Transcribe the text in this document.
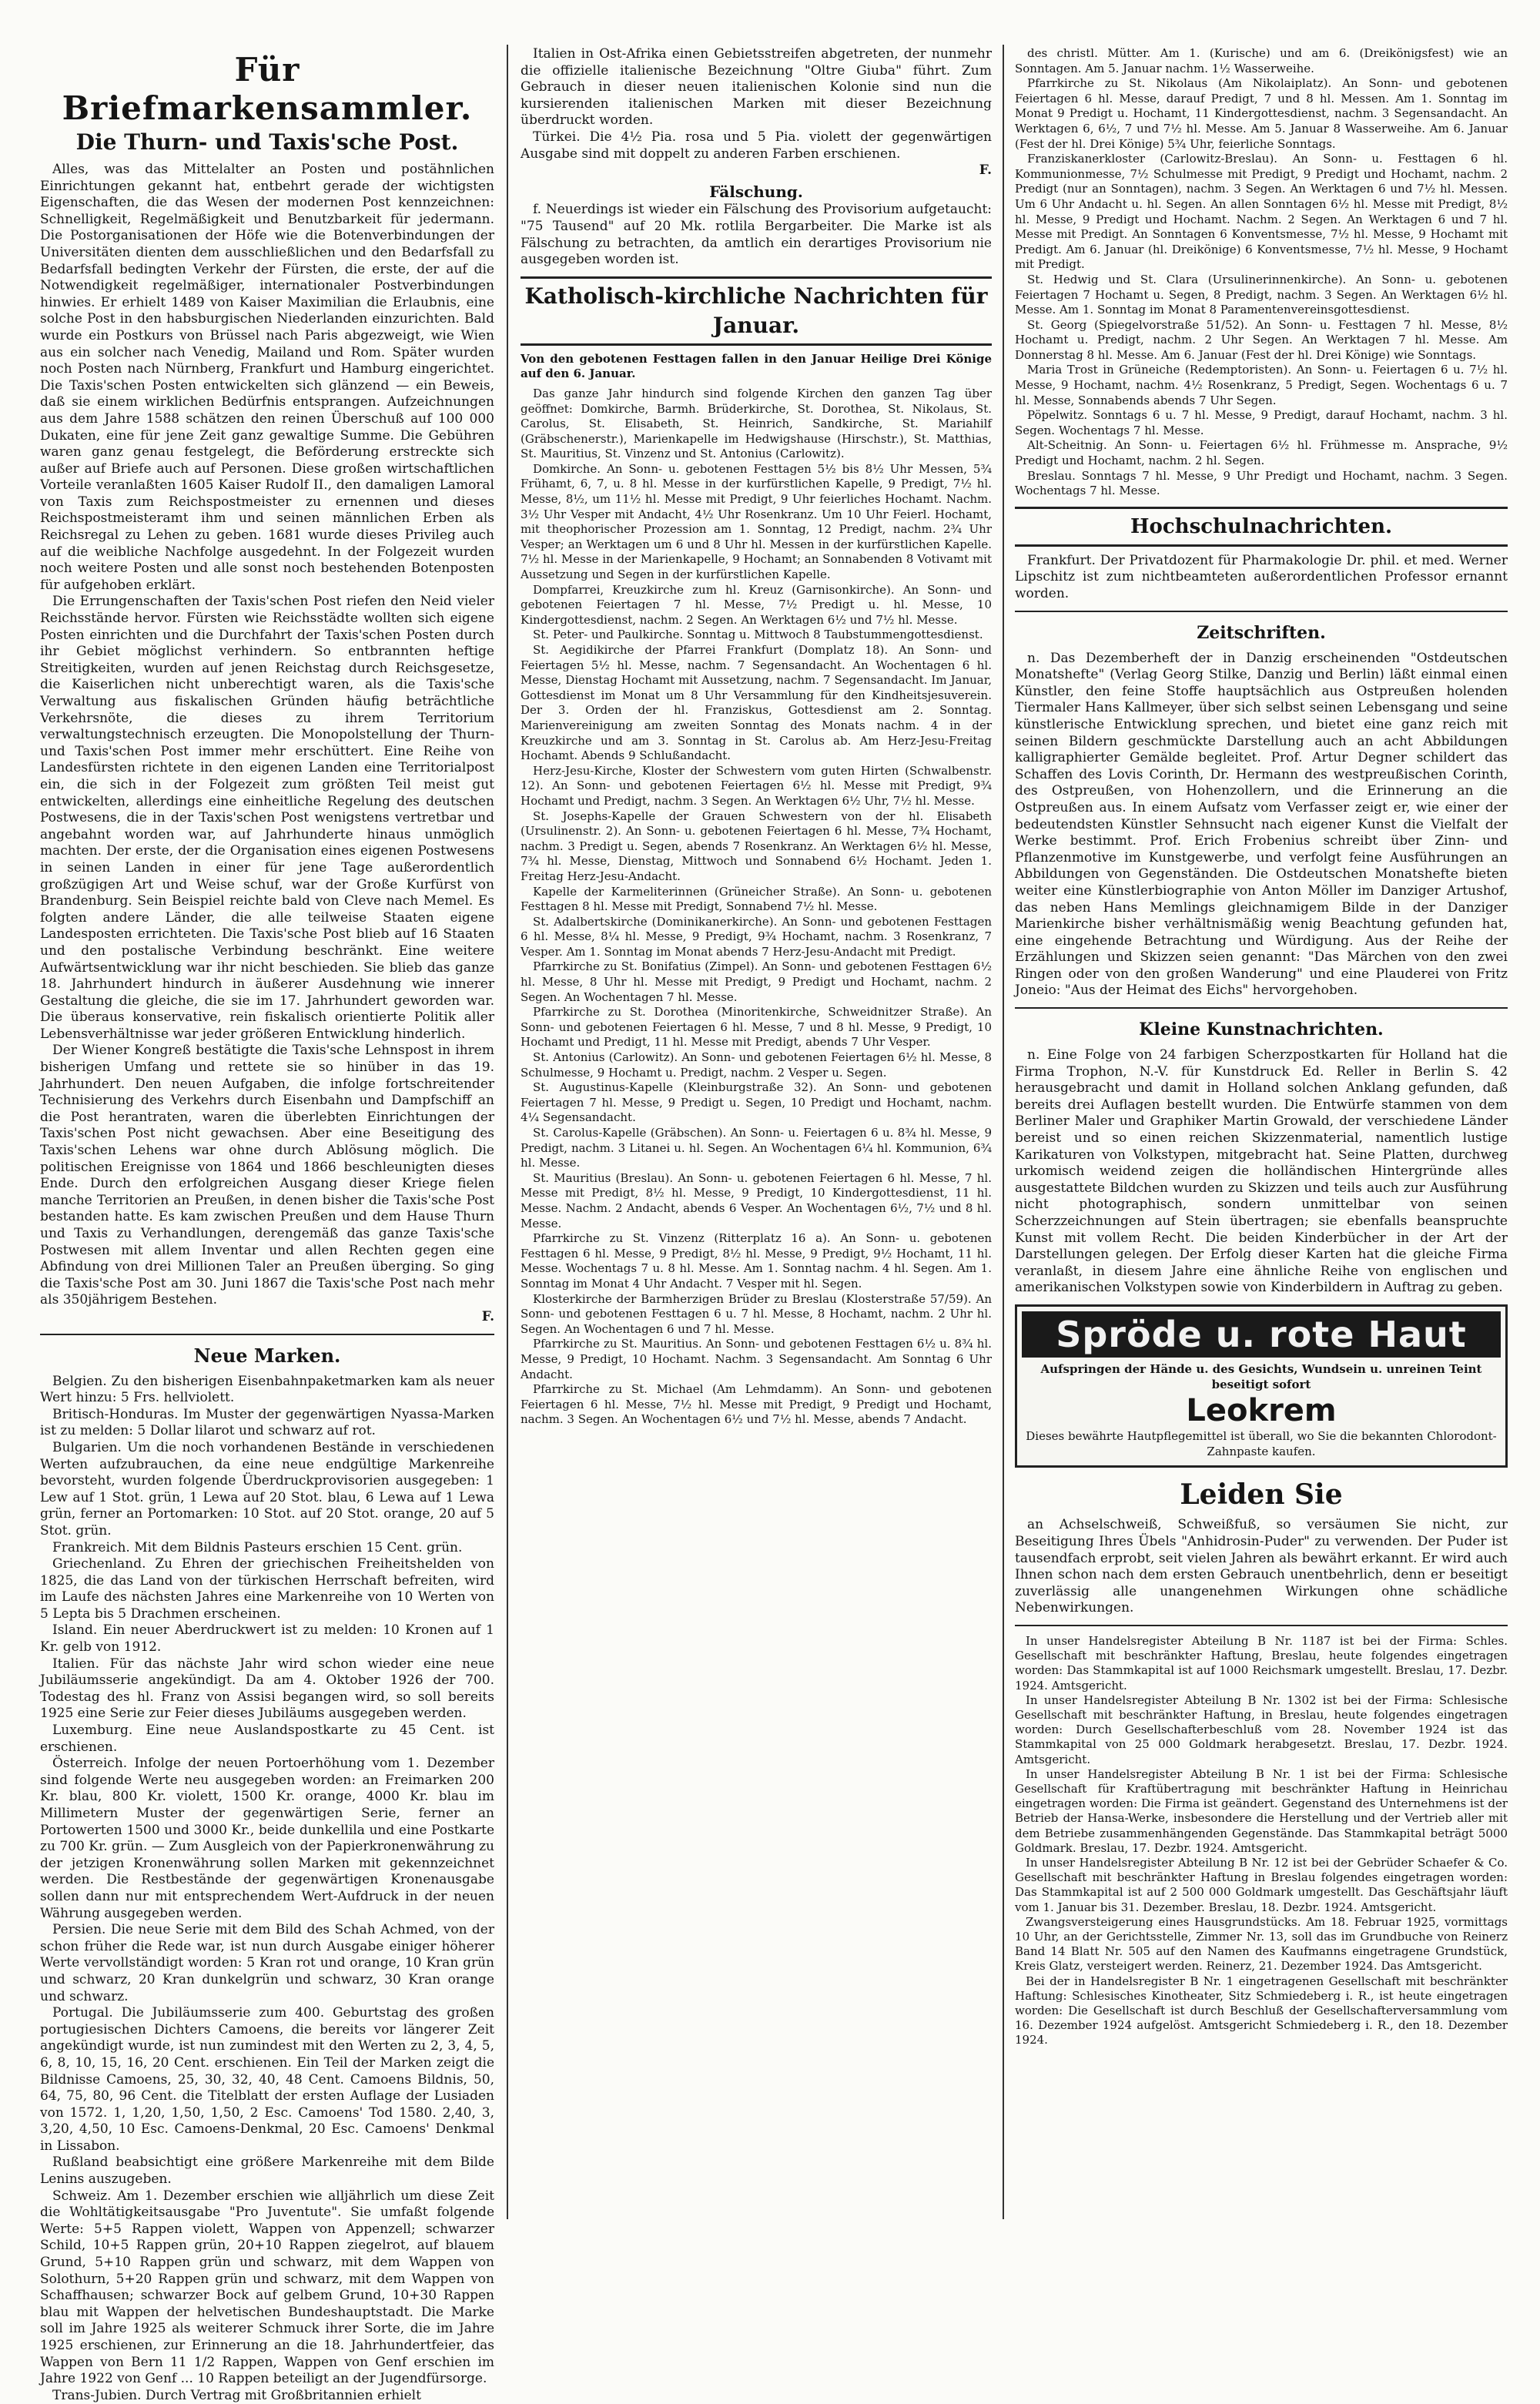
Für Briefmarkensammler.
Die Thurn- und Taxis'sche Post.

Alles, was das Mittelalter an Posten und postähnlichen Einrichtungen gekannt hat, entbehrt gerade der wichtigsten Eigenschaften, die das Wesen der modernen Post kennzeichnen: Schnelligkeit, Regelmäßigkeit und Benutzbarkeit für jedermann. Die Postorganisationen der Höfe wie die Botenverbindungen der Universitäten dienten dem ausschließlichen und den Bedarfsfall zu Bedarfsfall bedingten Verkehr der Fürsten, die erste, der auf die Notwendigkeit regelmäßiger, internationaler Postverbindungen hinwies. Er erhielt 1489 von Kaiser Maximilian die Erlaubnis, eine solche Post in den habsburgischen Niederlanden einzurichten. Bald wurde ein Postkurs von Brüssel nach Paris abgezweigt, wie Wien aus ein solcher nach Venedig, Mailand und Rom. Später wurden noch Posten nach Nürnberg, Frankfurt und Hamburg eingerichtet. Die Taxis'schen Posten entwickelten sich glänzend — ein Beweis, daß sie einem wirklichen Bedürfnis entsprangen. Aufzeichnungen aus dem Jahre 1588 schätzen den reinen Überschuß auf 100 000 Dukaten, eine für jene Zeit ganz gewaltige Summe. Die Gebühren waren ganz genau festgelegt, die Beförderung erstreckte sich außer auf Briefe auch auf Personen. Diese großen wirtschaftlichen Vorteile veranlaßten 1605 Kaiser Rudolf II., den damaligen Lamoral von Taxis zum Reichspostmeister zu ernennen und dieses Reichspostmeisteramt ihm und seinen männlichen Erben als Reichsregal zu Lehen zu geben. 1681 wurde dieses Privileg auch auf die weibliche Nachfolge ausgedehnt. In der Folgezeit wurden noch weitere Posten und alle sonst noch bestehenden Botenposten für aufgehoben erklärt.

Die Errungenschaften der Taxis'schen Post riefen den Neid vieler Reichsstände hervor. Fürsten wie Reichsstädte wollten sich eigene Posten einrichten und die Durchfahrt der Taxis'schen Posten durch ihr Gebiet möglichst verhindern. So entbrannten heftige Streitigkeiten, wurden auf jenen Reichstag durch Reichsgesetze, die Kaiserlichen nicht unberechtigt waren, als die Taxis'sche Verwaltung aus fiskalischen Gründen häufig beträchtliche Verkehrsnöte, die dieses zu ihrem Territorium verwaltungstechnisch erzeugten. Die Monopolstellung der Thurn- und Taxis'schen Post immer mehr erschüttert. Eine Reihe von Landesfürsten richtete in den eigenen Landen eine Territorialpost ein, die sich in der Folgezeit zum größten Teil meist gut entwickelten, allerdings eine einheitliche Regelung des deutschen Postwesens, die in der Taxis'schen Post wenigstens vertretbar und angebahnt worden war, auf Jahrhunderte hinaus unmöglich machten. Der erste, der die Organisation eines eigenen Postwesens in seinen Landen in einer für jene Tage außerordentlich großzügigen Art und Weise schuf, war der Große Kurfürst von Brandenburg. Sein Beispiel reichte bald von Cleve nach Memel. Es folgten andere Länder, die alle teilweise Staaten eigene Landesposten errichteten. Die Taxis'sche Post blieb auf 16 Staaten und den postalische Verbindung beschränkt. Eine weitere Aufwärtsentwicklung war ihr nicht beschieden. Sie blieb das ganze 18. Jahrhundert hindurch in äußerer Ausdehnung wie innerer Gestaltung die gleiche, die sie im 17. Jahrhundert geworden war. Die überaus konservative, rein fiskalisch orientierte Politik aller Lebensverhältnisse war jeder größeren Entwicklung hinderlich.

Der Wiener Kongreß bestätigte die Taxis'sche Lehnspost in ihrem bisherigen Umfang und rettete sie so hinüber in das 19. Jahrhundert. Den neuen Aufgaben, die infolge fortschreitender Technisierung des Verkehrs durch Eisenbahn und Dampfschiff an die Post herantraten, waren die überlebten Einrichtungen der Taxis'schen Post nicht gewachsen. Aber eine Beseitigung des Taxis'schen Lehens war ohne durch Ablösung möglich. Die politischen Ereignisse von 1864 und 1866 beschleunigten dieses Ende. Durch den erfolgreichen Ausgang dieser Kriege fielen manche Territorien an Preußen, in denen bisher die Taxis'sche Post bestanden hatte. Es kam zwischen Preußen und dem Hause Thurn und Taxis zu Verhandlungen, derengemäß das ganze Taxis'sche Postwesen mit allem Inventar und allen Rechten gegen eine Abfindung von drei Millionen Taler an Preußen überging. So ging die Taxis'sche Post am 30. Juni 1867 die Taxis'sche Post nach mehr als 350jährigem Bestehen.

F.
Neue Marken.

Belgien. Zu den bisherigen Eisenbahnpaketmarken kam als neuer Wert hinzu: 5 Frs. hellviolett.

Britisch-Honduras. Im Muster der gegenwärtigen Nyassa-Marken ist zu melden: 5 Dollar lilarot und schwarz auf rot.

Bulgarien. Um die noch vorhandenen Bestände in verschiedenen Werten aufzubrauchen, da eine neue endgültige Markenreihe bevorsteht, wurden folgende Überdruckprovisorien ausgegeben: 1 Lew auf 1 Stot. grün, 1 Lewa auf 20 Stot. blau, 6 Lewa auf 1 Lewa grün, ferner an Portomarken: 10 Stot. auf 20 Stot. orange, 20 auf 5 Stot. grün.

Frankreich. Mit dem Bildnis Pasteurs erschien 15 Cent. grün.

Griechenland. Zu Ehren der griechischen Freiheitshelden von 1825, die das Land von der türkischen Herrschaft befreiten, wird im Laufe des nächsten Jahres eine Markenreihe von 10 Werten von 5 Lepta bis 5 Drachmen erscheinen.

Island. Ein neuer Aberdruckwert ist zu melden: 10 Kronen auf 1 Kr. gelb von 1912.

Italien. Für das nächste Jahr wird schon wieder eine neue Jubiläumsserie angekündigt. Da am 4. Oktober 1926 der 700. Todestag des hl. Franz von Assisi begangen wird, so soll bereits 1925 eine Serie zur Feier dieses Jubiläums ausgegeben werden.

Luxemburg. Eine neue Auslandspostkarte zu 45 Cent. ist erschienen.

Österreich. Infolge der neuen Portoerhöhung vom 1. Dezember sind folgende Werte neu ausgegeben worden: an Freimarken 200 Kr. blau, 800 Kr. violett, 1500 Kr. orange, 4000 Kr. blau im Millimetern Muster der gegenwärtigen Serie, ferner an Portowerten 1500 und 3000 Kr., beide dunkellila und eine Postkarte zu 700 Kr. grün. — Zum Ausgleich von der Papierkronenwährung zu der jetzigen Kronenwährung sollen Marken mit gekennzeichnet werden. Die Restbestände der gegenwärtigen Kronenausgabe sollen dann nur mit entsprechendem Wert-Aufdruck in der neuen Währung ausgegeben werden.

Persien. Die neue Serie mit dem Bild des Schah Achmed, von der schon früher die Rede war, ist nun durch Ausgabe einiger höherer Werte vervollständigt worden: 5 Kran rot und orange, 10 Kran grün und schwarz, 20 Kran dunkelgrün und schwarz, 30 Kran orange und schwarz.

Portugal. Die Jubiläumsserie zum 400. Geburtstag des großen portugiesischen Dichters Camoens, die bereits vor längerer Zeit angekündigt wurde, ist nun zumindest mit den Werten zu 2, 3, 4, 5, 6, 8, 10, 15, 16, 20 Cent. erschienen. Ein Teil der Marken zeigt die Bildnisse Camoens, 25, 30, 32, 40, 48 Cent. Camoens Bildnis, 50, 64, 75, 80, 96 Cent. die Titelblatt der ersten Auflage der Lusiaden von 1572. 1, 1,20, 1,50, 1,50, 2 Esc. Camoens' Tod 1580. 2,40, 3, 3,20, 4,50, 10 Esc. Camoens-Denkmal, 20 Esc. Camoens' Denkmal in Lissabon.

Rußland beabsichtigt eine größere Markenreihe mit dem Bilde Lenins auszugeben.

Schweiz. Am 1. Dezember erschien wie alljährlich um diese Zeit die Wohltätigkeitsausgabe "Pro Juventute". Sie umfaßt folgende Werte: 5+5 Rappen violett, Wappen von Appenzell; schwarzer Schild, 10+5 Rappen grün, 20+10 Rappen ziegelrot, auf blauem Grund, 5+10 Rappen grün und schwarz, mit dem Wappen von Solothurn, 5+20 Rappen grün und schwarz, mit dem Wappen von Schaffhausen; schwarzer Bock auf gelbem Grund, 10+30 Rappen blau mit Wappen der helvetischen Bundeshauptstadt. Die Marke soll im Jahre 1925 als weiterer Schmuck ihrer Sorte, die im Jahre 1925 erschienen, zur Erinnerung an die 18. Jahrhundertfeier, das Wappen von Bern 11 1/2 Rappen, Wappen von Genf erschien im Jahre 1922 von Genf ... 10 Rappen beteiligt an der Jugendfürsorge.

Trans-Jubien. Durch Vertrag mit Großbritannien erhielt

Italien in Ost-Afrika einen Gebietsstreifen abgetreten, der nunmehr die offizielle italienische Bezeichnung "Oltre Giuba" führt. Zum Gebrauch in dieser neuen italienischen Kolonie sind nun die kursierenden italienischen Marken mit dieser Bezeichnung überdruckt worden.

Türkei. Die 4½ Pia. rosa und 5 Pia. violett der gegenwärtigen Ausgabe sind mit doppelt zu anderen Farben erschienen.

F.
Fälschung.

f. Neuerdings ist wieder ein Fälschung des Provisorium aufgetaucht: "75 Tausend" auf 20 Mk. rotlila Bergarbeiter. Die Marke ist als Fälschung zu betrachten, da amtlich ein derartiges Provisorium nie ausgegeben worden ist.

Katholisch-kirchliche Nachrichten für Januar.
Von den gebotenen Festtagen fallen in den Januar Heilige Drei Könige auf den 6. Januar.

Das ganze Jahr hindurch sind folgende Kirchen den ganzen Tag über geöffnet: Domkirche, Barmh. Brüderkirche, St. Dorothea, St. Nikolaus, St. Carolus, St. Elisabeth, St. Heinrich, Sandkirche, St. Mariahilf (Gräbschenerstr.), Marienkapelle im Hedwigshause (Hirschstr.), St. Matthias, St. Mauritius, St. Vinzenz und St. Antonius (Carlowitz).

Domkirche. An Sonn- u. gebotenen Festtagen 5½ bis 8½ Uhr Messen, 5¾ Frühamt, 6, 7, u. 8 hl. Messe in der kurfürstlichen Kapelle, 9 Predigt, 7½ hl. Messe, 8½, um 11½ hl. Messe mit Predigt, 9 Uhr feierliches Hochamt. Nachm. 3½ Uhr Vesper mit Andacht, 4½ Uhr Rosenkranz. Um 10 Uhr Feierl. Hochamt, mit theophorischer Prozession am 1. Sonntag, 12 Predigt, nachm. 2¾ Uhr Vesper; an Werktagen um 6 und 8 Uhr hl. Messen in der kurfürstlichen Kapelle. 7½ hl. Messe in der Marienkapelle, 9 Hochamt; an Sonnabenden 8 Votivamt mit Aussetzung und Segen in der kurfürstlichen Kapelle.

Dompfarrei, Kreuzkirche zum hl. Kreuz (Garnisonkirche). An Sonn- und gebotenen Feiertagen 7 hl. Messe, 7½ Predigt u. hl. Messe, 10 Kindergottesdienst, nachm. 2 Segen. An Werktagen 6½ und 7½ hl. Messe.

St. Peter- und Paulkirche. Sonntag u. Mittwoch 8 Taubstummengottesdienst.

St. Aegidikirche der Pfarrei Frankfurt (Domplatz 18). An Sonn- und Feiertagen 5½ hl. Messe, nachm. 7 Segensandacht. An Wochentagen 6 hl. Messe, Dienstag Hochamt mit Aussetzung, nachm. 7 Segensandacht. Im Januar, Gottesdienst im Monat um 8 Uhr Versammlung für den Kindheitsjesuverein. Der 3. Orden der hl. Franziskus, Gottesdienst am 2. Sonntag. Marienvereinigung am zweiten Sonntag des Monats nachm. 4 in der Kreuzkirche und am 3. Sonntag in St. Carolus ab. Am Herz-Jesu-Freitag Hochamt. Abends 9 Schlußandacht.

Herz-Jesu-Kirche, Kloster der Schwestern vom guten Hirten (Schwalbenstr. 12). An Sonn- und gebotenen Feiertagen 6½ hl. Messe mit Predigt, 9¾ Hochamt und Predigt, nachm. 3 Segen. An Werktagen 6½ Uhr, 7½ hl. Messe.

St. Josephs-Kapelle der Grauen Schwestern von der hl. Elisabeth (Ursulinenstr. 2). An Sonn- u. gebotenen Feiertagen 6 hl. Messe, 7¾ Hochamt, nachm. 3 Predigt u. Segen, abends 7 Rosenkranz. An Werktagen 6½ hl. Messe, 7¾ hl. Messe, Dienstag, Mittwoch und Sonnabend 6½ Hochamt. Jeden 1. Freitag Herz-Jesu-Andacht.

Kapelle der Karmeliterinnen (Grüneicher Straße). An Sonn- u. gebotenen Festtagen 8 hl. Messe mit Predigt, Sonnabend 7½ hl. Messe.

St. Adalbertskirche (Dominikanerkirche). An Sonn- und gebotenen Festtagen 6 hl. Messe, 8¼ hl. Messe, 9 Predigt, 9¾ Hochamt, nachm. 3 Rosenkranz, 7 Vesper. Am 1. Sonntag im Monat abends 7 Herz-Jesu-Andacht mit Predigt.

Pfarrkirche zu St. Bonifatius (Zimpel). An Sonn- und gebotenen Festtagen 6½ hl. Messe, 8 Uhr hl. Messe mit Predigt, 9 Predigt und Hochamt, nachm. 2 Segen. An Wochentagen 7 hl. Messe.

Pfarrkirche zu St. Dorothea (Minoritenkirche, Schweidnitzer Straße). An Sonn- und gebotenen Feiertagen 6 hl. Messe, 7 und 8 hl. Messe, 9 Predigt, 10 Hochamt und Predigt, 11 hl. Messe mit Predigt, abends 7 Uhr Vesper.

St. Antonius (Carlowitz). An Sonn- und gebotenen Feiertagen 6½ hl. Messe, 8 Schulmesse, 9 Hochamt u. Predigt, nachm. 2 Vesper u. Segen.

St. Augustinus-Kapelle (Kleinburgstraße 32). An Sonn- und gebotenen Feiertagen 7 hl. Messe, 9 Predigt u. Segen, 10 Predigt und Hochamt, nachm. 4¼ Segensandacht.

St. Carolus-Kapelle (Gräbschen). An Sonn- u. Feiertagen 6 u. 8¾ hl. Messe, 9 Predigt, nachm. 3 Litanei u. hl. Segen. An Wochentagen 6¼ hl. Kommunion, 6¾ hl. Messe.

St. Mauritius (Breslau). An Sonn- u. gebotenen Feiertagen 6 hl. Messe, 7 hl. Messe mit Predigt, 8½ hl. Messe, 9 Predigt, 10 Kindergottesdienst, 11 hl. Messe. Nachm. 2 Andacht, abends 6 Vesper. An Wochentagen 6½, 7½ und 8 hl. Messe.

Pfarrkirche zu St. Vinzenz (Ritterplatz 16 a). An Sonn- u. gebotenen Festtagen 6 hl. Messe, 9 Predigt, 8½ hl. Messe, 9 Predigt, 9½ Hochamt, 11 hl. Messe. Wochentags 7 u. 8 hl. Messe. Am 1. Sonntag nachm. 4 hl. Segen. Am 1. Sonntag im Monat 4 Uhr Andacht. 7 Vesper mit hl. Segen.

Klosterkirche der Barmherzigen Brüder zu Breslau (Klosterstraße 57/59). An Sonn- und gebotenen Festtagen 6 u. 7 hl. Messe, 8 Hochamt, nachm. 2 Uhr hl. Segen. An Wochentagen 6 und 7 hl. Messe.

Pfarrkirche zu St. Mauritius. An Sonn- und gebotenen Festtagen 6½ u. 8¾ hl. Messe, 9 Predigt, 10 Hochamt. Nachm. 3 Segensandacht. Am Sonntag 6 Uhr Andacht.

Pfarrkirche zu St. Michael (Am Lehmdamm). An Sonn- und gebotenen Feiertagen 6 hl. Messe, 7½ hl. Messe mit Predigt, 9 Predigt und Hochamt, nachm. 3 Segen. An Wochentagen 6½ und 7½ hl. Messe, abends 7 Andacht.

des christl. Mütter. Am 1. (Kurische) und am 6. (Dreikönigsfest) wie an Sonntagen. Am 5. Januar nachm. 1½ Wasserweihe.

Pfarrkirche zu St. Nikolaus (Am Nikolaiplatz). An Sonn- und gebotenen Feiertagen 6 hl. Messe, darauf Predigt, 7 und 8 hl. Messen. Am 1. Sonntag im Monat 9 Predigt u. Hochamt, 11 Kindergottesdienst, nachm. 3 Segensandacht. An Werktagen 6, 6½, 7 und 7½ hl. Messe. Am 5. Januar 8 Wasserweihe. Am 6. Januar (Fest der hl. Drei Könige) 5¾ Uhr, feierliche Sonntags.

Franziskanerkloster (Carlowitz-Breslau). An Sonn- u. Festtagen 6 hl. Kommunionmesse, 7½ Schulmesse mit Predigt, 9 Predigt und Hochamt, nachm. 2 Predigt (nur an Sonntagen), nachm. 3 Segen. An Werktagen 6 und 7½ hl. Messen. Um 6 Uhr Andacht u. hl. Segen. An allen Sonntagen 6½ hl. Messe mit Predigt, 8½ hl. Messe, 9 Predigt und Hochamt. Nachm. 2 Segen. An Werktagen 6 und 7 hl. Messe mit Predigt. An Sonntagen 6 Konventsmesse, 7½ hl. Messe, 9 Hochamt mit Predigt. Am 6. Januar (hl. Dreikönige) 6 Konventsmesse, 7½ hl. Messe, 9 Hochamt mit Predigt.

St. Hedwig und St. Clara (Ursulinerinnenkirche). An Sonn- u. gebotenen Feiertagen 7 Hochamt u. Segen, 8 Predigt, nachm. 3 Segen. An Werktagen 6½ hl. Messe. Am 1. Sonntag im Monat 8 Paramentenvereinsgottesdienst.

St. Georg (Spiegelvorstraße 51/52). An Sonn- u. Festtagen 7 hl. Messe, 8½ Hochamt u. Predigt, nachm. 2 Uhr Segen. An Werktagen 7 hl. Messe. Am Donnerstag 8 hl. Messe. Am 6. Januar (Fest der hl. Drei Könige) wie Sonntags.

Maria Trost in Grüneiche (Redemptoristen). An Sonn- u. Feiertagen 6 u. 7½ hl. Messe, 9 Hochamt, nachm. 4½ Rosenkranz, 5 Predigt, Segen. Wochentags 6 u. 7 hl. Messe, Sonnabends abends 7 Uhr Segen.

Pöpelwitz. Sonntags 6 u. 7 hl. Messe, 9 Predigt, darauf Hochamt, nachm. 3 hl. Segen. Wochentags 7 hl. Messe.

Alt-Scheitnig. An Sonn- u. Feiertagen 6½ hl. Frühmesse m. Ansprache, 9½ Predigt und Hochamt, nachm. 2 hl. Segen.

Breslau. Sonntags 7 hl. Messe, 9 Uhr Predigt und Hochamt, nachm. 3 Segen. Wochentags 7 hl. Messe.

Hochschulnachrichten.

Frankfurt. Der Privatdozent für Pharmakologie Dr. phil. et med. Werner Lipschitz ist zum nichtbeamteten außerordentlichen Professor ernannt worden.

Zeitschriften.

n. Das Dezemberheft der in Danzig erscheinenden "Ostdeutschen Monatshefte" (Verlag Georg Stilke, Danzig und Berlin) läßt einmal einen Künstler, den feine Stoffe hauptsächlich aus Ostpreußen holenden Tiermaler Hans Kallmeyer, über sich selbst seinen Lebensgang und seine künstlerische Entwicklung sprechen, und bietet eine ganz reich mit seinen Bildern geschmückte Darstellung auch an acht Abbildungen kalligraphierter Gemälde begleitet. Prof. Artur Degner schildert das Schaffen des Lovis Corinth, Dr. Hermann des westpreußischen Corinth, des Ostpreußen, von Hohenzollern, und die Erinnerung an die Ostpreußen aus. In einem Aufsatz vom Verfasser zeigt er, wie einer der bedeutendsten Künstler Sehnsucht nach eigener Kunst die Vielfalt der Werke bestimmt. Prof. Erich Frobenius schreibt über Zinn- und Pflanzenmotive im Kunstgewerbe, und verfolgt feine Ausführungen an Abbildungen von Gegenständen. Die Ostdeutschen Monatshefte bieten weiter eine Künstlerbiographie von Anton Möller im Danziger Artushof, das neben Hans Memlings gleichnamigem Bilde in der Danziger Marienkirche bisher verhältnismäßig wenig Beachtung gefunden hat, eine eingehende Betrachtung und Würdigung. Aus der Reihe der Erzählungen und Skizzen seien genannt: "Das Märchen von den zwei Ringen oder von den großen Wanderung" und eine Plauderei von Fritz Joneio: "Aus der Heimat des Eichs" hervorgehoben.

Kleine Kunstnachrichten.

n. Eine Folge von 24 farbigen Scherzpostkarten für Holland hat die Firma Trophon, N.-V. für Kunstdruck Ed. Reller in Berlin S. 42 herausgebracht und damit in Holland solchen Anklang gefunden, daß bereits drei Auflagen bestellt wurden. Die Entwürfe stammen von dem Berliner Maler und Graphiker Martin Growald, der verschiedene Länder bereist und so einen reichen Skizzenmaterial, namentlich lustige Karikaturen von Volkstypen, mitgebracht hat. Seine Platten, durchweg urkomisch weidend zeigen die holländischen Hintergründe alles ausgestattete Bildchen wurden zu Skizzen und teils auch zur Ausführung nicht photographisch, sondern unmittelbar von seinen Scherzzeichnungen auf Stein übertragen; sie ebenfalls beanspruchte Kunst mit vollem Recht. Die beiden Kinderbücher in der Art der Darstellungen gelegen. Der Erfolg dieser Karten hat die gleiche Firma veranlaßt, in diesem Jahre eine ähnliche Reihe von englischen und amerikanischen Volkstypen sowie von Kinderbildern in Auftrag zu geben.

Spröde u. rote Haut
Aufspringen der Hände u. des Gesichts, Wundsein u. unreinen Teint beseitigt sofort
Leokrem
Dieses bewährte Hautpflegemittel ist überall, wo Sie die bekannten Chlorodont-Zahnpaste kaufen.
Leiden Sie

an Achselschweiß, Schweißfuß, so versäumen Sie nicht, zur Beseitigung Ihres Übels "Anhidrosin-Puder" zu verwenden. Der Puder ist tausendfach erprobt, seit vielen Jahren als bewährt erkannt. Er wird auch Ihnen schon nach dem ersten Gebrauch unentbehrlich, denn er beseitigt zuverlässig alle unangenehmen Wirkungen ohne schädliche Nebenwirkungen.

In unser Handelsregister Abteilung B Nr. 1187 ist bei der Firma: Schles. Gesellschaft mit beschränkter Haftung, Breslau, heute folgendes eingetragen worden: Das Stammkapital ist auf 1000 Reichsmark umgestellt. Breslau, 17. Dezbr. 1924. Amtsgericht.

In unser Handelsregister Abteilung B Nr. 1302 ist bei der Firma: Schlesische Gesellschaft mit beschränkter Haftung, in Breslau, heute folgendes eingetragen worden: Durch Gesellschafterbeschluß vom 28. November 1924 ist das Stammkapital von 25 000 Goldmark herabgesetzt. Breslau, 17. Dezbr. 1924. Amtsgericht.

In unser Handelsregister Abteilung B Nr. 1 ist bei der Firma: Schlesische Gesellschaft für Kraftübertragung mit beschränkter Haftung in Heinrichau eingetragen worden: Die Firma ist geändert. Gegenstand des Unternehmens ist der Betrieb der Hansa-Werke, insbesondere die Herstellung und der Vertrieb aller mit dem Betriebe zusammenhängenden Gegenstände. Das Stammkapital beträgt 5000 Goldmark. Breslau, 17. Dezbr. 1924. Amtsgericht.

In unser Handelsregister Abteilung B Nr. 12 ist bei der Gebrüder Schaefer & Co. Gesellschaft mit beschränkter Haftung in Breslau folgendes eingetragen worden: Das Stammkapital ist auf 2 500 000 Goldmark umgestellt. Das Geschäftsjahr läuft vom 1. Januar bis 31. Dezember. Breslau, 18. Dezbr. 1924. Amtsgericht.

Zwangsversteigerung eines Hausgrundstücks. Am 18. Februar 1925, vormittags 10 Uhr, an der Gerichtsstelle, Zimmer Nr. 13, soll das im Grundbuche von Reinerz Band 14 Blatt Nr. 505 auf den Namen des Kaufmanns eingetragene Grundstück, Kreis Glatz, versteigert werden. Reinerz, 21. Dezember 1924. Das Amtsgericht.

Bei der in Handelsregister B Nr. 1 eingetragenen Gesellschaft mit beschränkter Haftung: Schlesisches Kinotheater, Sitz Schmiedeberg i. R., ist heute eingetragen worden: Die Gesellschaft ist durch Beschluß der Gesellschafterversammlung vom 16. Dezember 1924 aufgelöst. Amtsgericht Schmiedeberg i. R., den 18. Dezember 1924.
